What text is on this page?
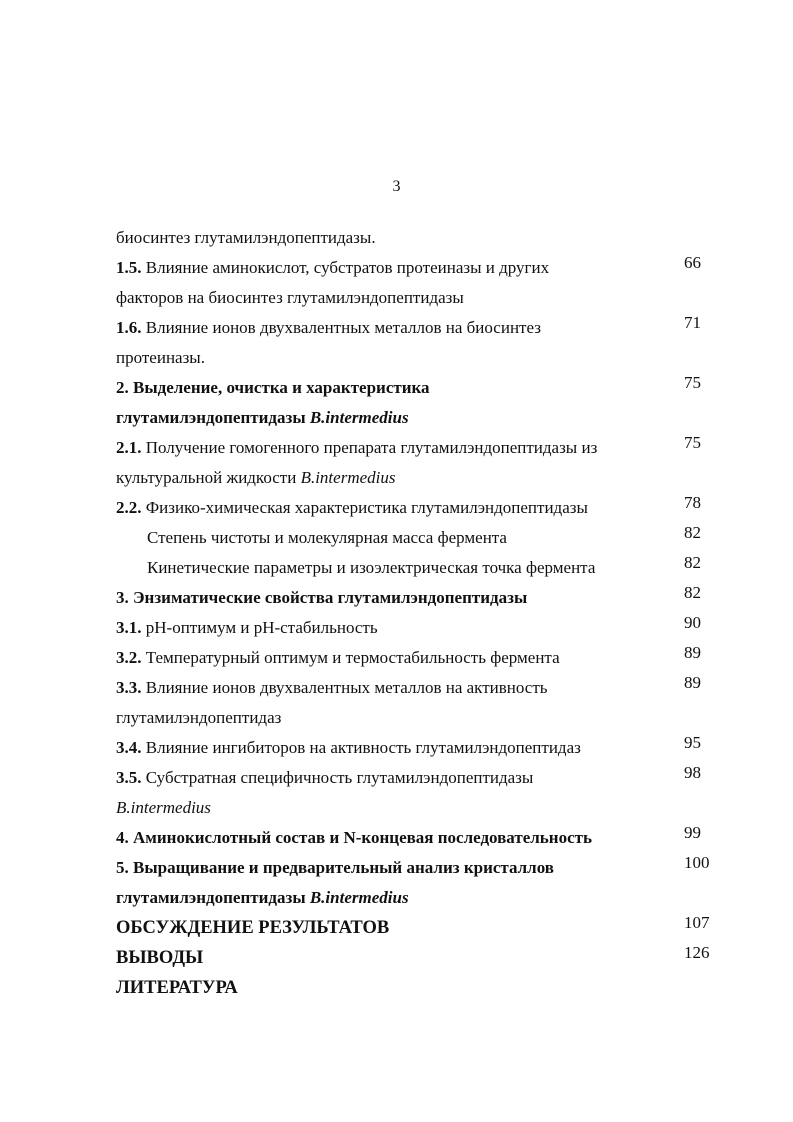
3
биосинтез глутамилэндопептидазы.
1.5. Влияние аминокислот, субстратов протеиназы и других	66
факторов на биосинтез глутамилэндопептидазы
1.6. Влияние ионов двухвалентных металлов на биосинтез	71
протеиназы.
2. Выделение, очистка и характеристика	75
глутамилэндопептидазы B.intermedius
2.1. Получение гомогенного препарата глутамилэндопептидазы из	75
культуральной жидкости B.intermedius
2.2. Физико-химическая характеристика глутамилэндопептидазы	78
Степень чистоты и молекулярная масса фермента	82
Кинетические параметры и изоэлектрическая точка фермента	82
3. Энзиматические свойства глутамилэндопептидазы	82
3.1. pH-оптимум и pH-стабильность	90
3.2. Температурный оптимум и термостабильность фермента	89
3.3. Влияние ионов двухвалентных металлов на активность	89
глутамилэндопептидаз
3.4. Влияние ингибиторов на активность глутамилэндопептидаз	95
3.5. Субстратная специфичность глутамилэндопептидазы	98
B.intermedius
4. Аминокислотный состав и N-концевая последовательность	99
5. Выращивание и предварительный анализ кристаллов	100
глутамилэндопептидазы B.intermedius
ОБСУЖДЕНИЕ РЕЗУЛЬТАТОВ	107
ВЫВОДЫ	126
ЛИТЕРАТУРА
